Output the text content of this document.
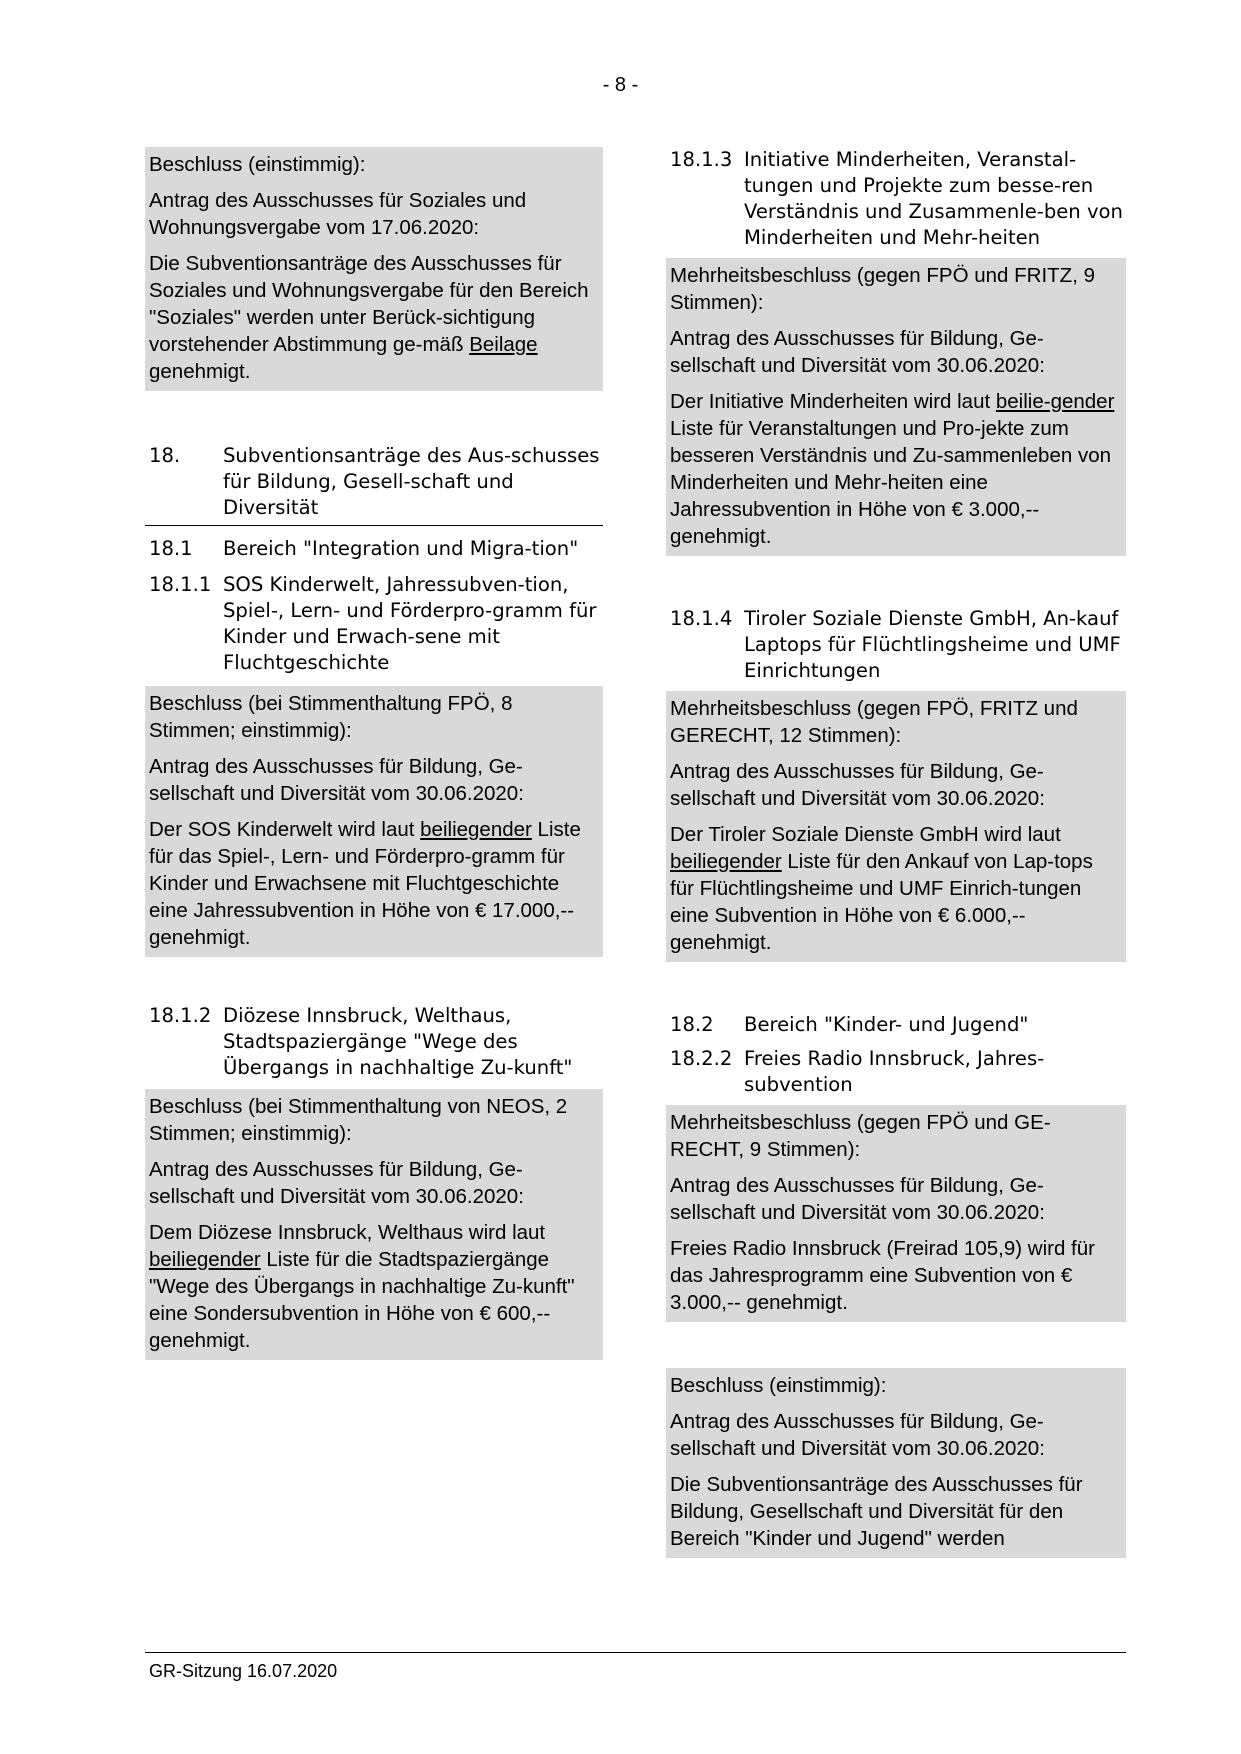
- 8 -

Beschluss (einstimmig):

Antrag des Ausschusses für Soziales und Wohnungsvergabe vom 17.06.2020:

Die Subventionsanträge des Ausschusses für Soziales und Wohnungsvergabe für den Bereich "Soziales" werden unter Berück-sichtigung vorstehender Abstimmung ge-mäß Beilage genehmigt.

18.	Subventionsanträge des Aus-schusses für Bildung, Gesell-schaft und Diversität
18.1	Bereich "Integration und Migra-tion"
18.1.1 SOS Kinderwelt, Jahressubven-tion, Spiel-, Lern- und Förderpro-gramm für Kinder und Erwach-sene mit Fluchtgeschichte

Beschluss (bei Stimmenthaltung FPÖ, 8 Stimmen; einstimmig):

Antrag des Ausschusses für Bildung, Ge-sellschaft und Diversität vom 30.06.2020:

Der SOS Kinderwelt wird laut beiliegender Liste für das Spiel-, Lern- und Förderpro-gramm für Kinder und Erwachsene mit Fluchtgeschichte eine Jahressubvention in Höhe von € 17.000,-- genehmigt.

18.1.2 Diözese Innsbruck, Welthaus, Stadtspaziergänge "Wege des Übergangs in nachhaltige Zu-kunft"

Beschluss (bei Stimmenthaltung von NEOS, 2 Stimmen; einstimmig):

Antrag des Ausschusses für Bildung, Ge-sellschaft und Diversität vom 30.06.2020:

Dem Diözese Innsbruck, Welthaus wird laut beiliegender Liste für die Stadtspaziergänge "Wege des Übergangs in nachhaltige Zu-kunft" eine Sondersubvention in Höhe von € 600,-- genehmigt.

18.1.3 Initiative Minderheiten, Veranstal-tungen und Projekte zum besse-ren Verständnis und Zusammenle-ben von Minderheiten und Mehr-heiten

Mehrheitsbeschluss (gegen FPÖ und FRITZ, 9 Stimmen):

Antrag des Ausschusses für Bildung, Ge-sellschaft und Diversität vom 30.06.2020:

Der Initiative Minderheiten wird laut beilie-gender Liste für Veranstaltungen und Pro-jekte zum besseren Verständnis und Zu-sammenleben von Minderheiten und Mehr-heiten eine Jahressubvention in Höhe von € 3.000,-- genehmigt.

18.1.4 Tiroler Soziale Dienste GmbH, An-kauf Laptops für Flüchtlingsheime und UMF Einrichtungen

Mehrheitsbeschluss (gegen FPÖ, FRITZ und GERECHT, 12 Stimmen):

Antrag des Ausschusses für Bildung, Ge-sellschaft und Diversität vom 30.06.2020:

Der Tiroler Soziale Dienste GmbH wird laut beiliegender Liste für den Ankauf von Lap-tops für Flüchtlingsheime und UMF Einrich-tungen eine Subvention in Höhe von € 6.000,-- genehmigt.

18.2	Bereich "Kinder- und Jugend"
18.2.2 Freies Radio Innsbruck, Jahres-subvention

Mehrheitsbeschluss (gegen FPÖ und GE-RECHT, 9 Stimmen):

Antrag des Ausschusses für Bildung, Ge-sellschaft und Diversität vom 30.06.2020:

Freies Radio Innsbruck (Freirad 105,9) wird für das Jahresprogramm eine Subvention von € 3.000,-- genehmigt.

Beschluss (einstimmig):

Antrag des Ausschusses für Bildung, Ge-sellschaft und Diversität vom 30.06.2020:

Die Subventionsanträge des Ausschusses für Bildung, Gesellschaft und Diversität für den Bereich "Kinder und Jugend" werden

GR-Sitzung 16.07.2020
